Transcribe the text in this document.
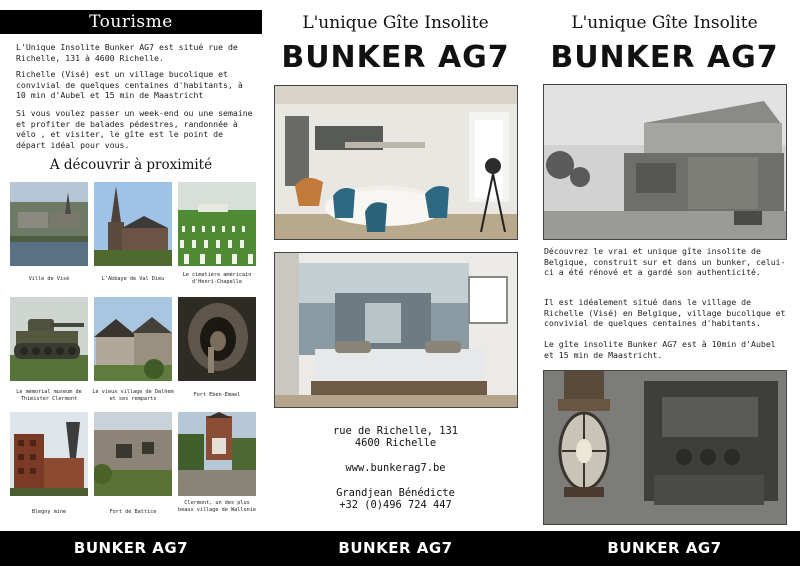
Tourisme

L'Unique Insolite Bunker AG7 est situé rue de Richelle, 131 à 4600 Richelle.

Richelle (Visé) est un village bucolique et convivial de quelques centaines d'habitants, à 10 min d'Aubel et 15 min de Maastricht

Si vous voulez passer un week-end ou une semaine et profiter de balades pédestres, randonnée à vélo , et visiter, le gîte est le point de départ idéal pour vous.

A découvrir à proximité
Ville de Visé	L'Abbaye de Val Dieu
Le cimetière américain d'Henri-Chapelle
Le mémorial museum de Thimister Clermont
Le vieux village de Dalhem et ses remparts
Fort Eben-Emael
Blegny mine	Fort de Battice
Clermont, un des plus beaux village de Wallonie
L'unique Gîte Insolite
BUNKER AG7
rue de Richelle, 131
4600 Richelle
www.bunkerag7.be
Grandjean Bénédicte
+32 (0)496 724 447
L'unique Gîte Insolite
BUNKER AG7
Découvrez le vrai et unique gîte insolite de Belgique, construit sur et dans un bunker, celui-ci a été rénové et a gardé son authenticité.
Il est idéalement situé dans le village de Richelle (Visé) en Belgique, village bucolique et convivial de quelques centaines d'habitants.
Le gîte insolite Bunker AG7 est à 10min d'Aubel et 15 min de Maastricht.
BUNKER AG7	BUNKER AG7	BUNKER AG7
